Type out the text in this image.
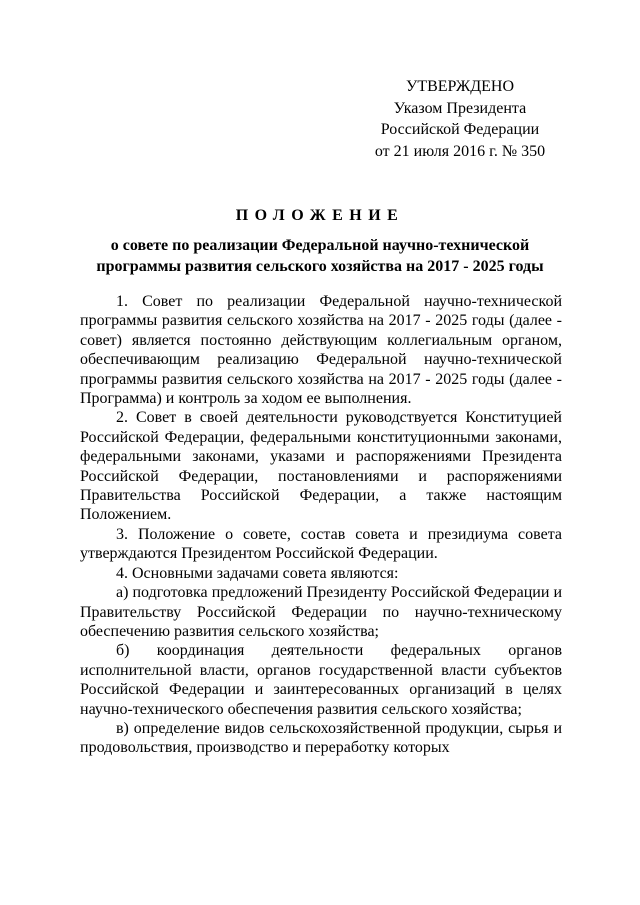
УТВЕРЖДЕНО
Указом Президента
Российской Федерации
от 21 июля 2016 г. № 350
ПОЛОЖЕНИЕ
о совете по реализации Федеральной научно-технической
программы развития сельского хозяйства на 2017 - 2025 годы

1. Совет по реализации Федеральной научно-технической программы развития сельского хозяйства на 2017 - 2025 годы (далее - совет) является постоянно действующим коллегиальным органом, обеспечивающим реализацию Федеральной научно-технической программы развития сельского хозяйства на 2017 - 2025 годы (далее - Программа) и контроль за ходом ее выполнения.

2. Совет в своей деятельности руководствуется Конституцией Российской Федерации, федеральными конституционными законами, федеральными законами, указами и распоряжениями Президента Российской Федерации, постановлениями и распоряжениями Правительства Российской Федерации, а также настоящим Положением.

3. Положение о совете, состав совета и президиума совета утверждаются Президентом Российской Федерации.

4. Основными задачами совета являются:

а) подготовка предложений Президенту Российской Федерации и Правительству Российской Федерации по научно-техническому обеспечению развития сельского хозяйства;

б) координация деятельности федеральных органов исполнительной власти, органов государственной власти субъектов Российской Федерации и заинтересованных организаций в целях научно-технического обеспечения развития сельского хозяйства;

в) определение видов сельскохозяйственной продукции, сырья и продовольствия, производство и переработку которых
